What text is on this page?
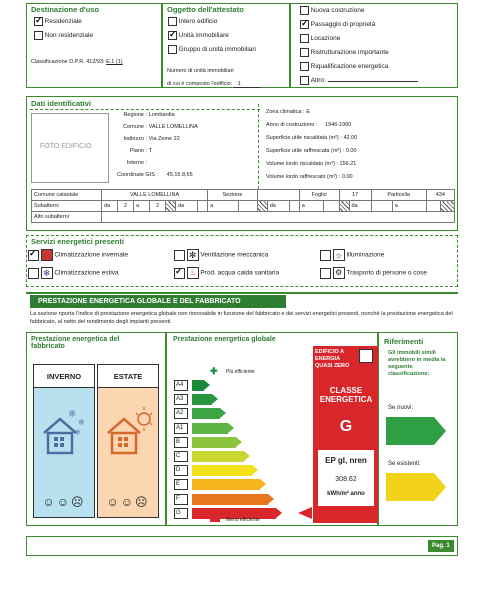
Destinazione d'uso
✓ Residenziale
Non residenziale
Classificazione D.P.R. 412/93: E.1 (1)
Oggetto dell'attestato
Intero edificio
✓ Unità immobiliare
Gruppo di unità immobiliari
Numero di unità immobiliari
di cui è composto l'edificio: 1
Nuova costruzione
✓ Passaggio di proprietà
Locazione
Ristrutturazione importante
Riqualificazione energetica
Altro:
Dati identificativi
FOTO EDIFICIO
Regione : Lombardia
Comune : VALLE LOMELLINA
Indirizzo : Via Zeme 22
Piano : T
Interno :
Coordinate GIS : 45,15 8,65
Zona climatica : E
Anno di costruzione : 1946-1960
Superficie utile riscaldata (m²) : 42.00
Superficie utile raffrescata (m²) : 0.00
Volume lordo riscaldato (m³) : 156.21
Volume lordo raffrescato (m³) : 0.00
Comune catastale	VALLE LOMELLINA							Sezione					Foglio		17		Particella		434	
Subalterni	da	2	a	2		da		a			da		a			da		a		
Altri subalterni																				
Servizi energetici presenti
✓  Climatizzazione invernale	✻ Ventilazione meccanica	☼ Illuminazione
❄ Climatizzazione estiva ✓	♨ Prod. acqua calda sanitaria	⚙ Trasporto di persone o cose
PRESTAZIONE ENERGETICA GLOBALE E DEL FABBRICATO
La sezione riporta l'indice di prestazione energetica globale non rinnovabile in funzione del fabbricato e dei servizi energetici presenti, nonché la prestazione energetica del fabbricato, al netto del rendimento degli impianti presenti.
Prestazione energetica del fabbricato
INVERNO	ESTATE
❄
❄
❄
☺☺☹	☺☺☹
Prestazione energetica globale
✚ Più efficiente
A4
A3
A2
A1
B
C
D
E
F
G
Meno efficiente
EDIFICIO A ENERGIA QUASI ZERO
CLASSE ENERGETICA
G
EP gl, nren
308.62
kWh/m² anno
Riferimenti
Gli immobili simili avrebbero in media la seguente classificazione:
Se nuovi:
Se esistenti:
Pag. 1
